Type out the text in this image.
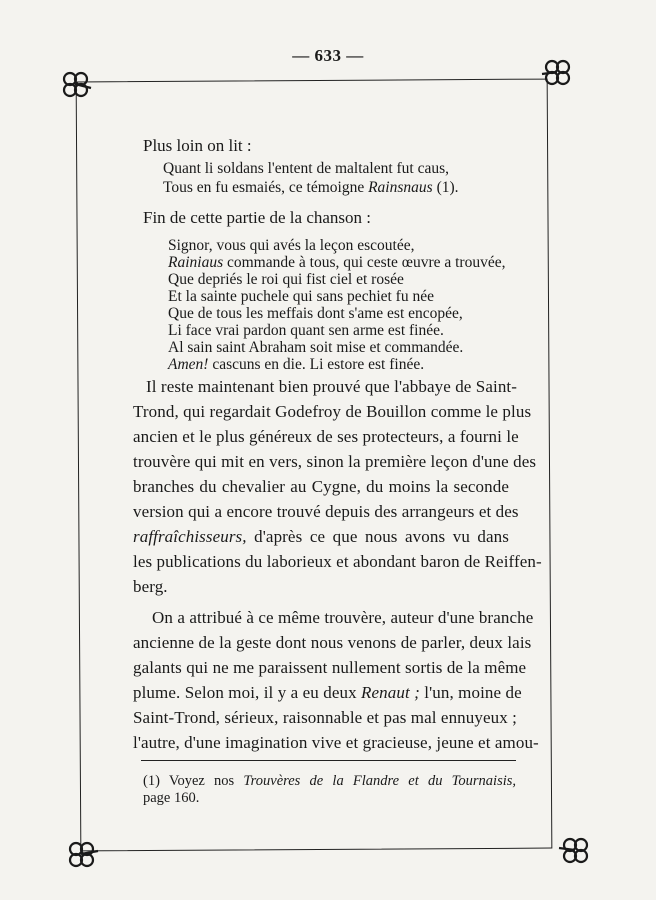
— 633 —
Plus loin on lit :
Quant li soldans l'entent de maltalent fut caus,
Tous en fu esmaiés, ce témoigne Rainsnaus (1).
Fin de cette partie de la chanson :
Signor, vous qui avés la leçon escoutée,
Rainiaus commande à tous, qui ceste œuvre a trouvée,
Que depriés le roi qui fist ciel et rosée
Et la sainte puchele qui sans pechiet fu née
Que de tous les meffais dont s'ame est encopée,
Li face vrai pardon quant sen arme est finée.
Al sain saint Abraham soit mise et commandée.
Amen! cascuns en die. Li estore est finée.
Il reste maintenant bien prouvé que l'abbaye de Saint-
Trond, qui regardait Godefroy de Bouillon comme le plus
ancien et le plus généreux de ses protecteurs, a fourni le
trouvère qui mit en vers, sinon la première leçon d'une des
branches du chevalier au Cygne, du moins la seconde
version qui a encore trouvé depuis des arrangeurs et des
raffraîchisseurs, d'après ce que nous avons vu dans
les publications du laborieux et abondant baron de Reiffen-
berg.
On a attribué à ce même trouvère, auteur d'une branche
ancienne de la geste dont nous venons de parler, deux lais
galants qui ne me paraissent nullement sortis de la même
plume. Selon moi, il y a eu deux Renaut ; l'un, moine de
Saint-Trond, sérieux, raisonnable et pas mal ennuyeux ;
l'autre, d'une imagination vive et gracieuse, jeune et amou-
(1) Voyez nos Trouvères de la Flandre et du Tournaisis,
page 160.
